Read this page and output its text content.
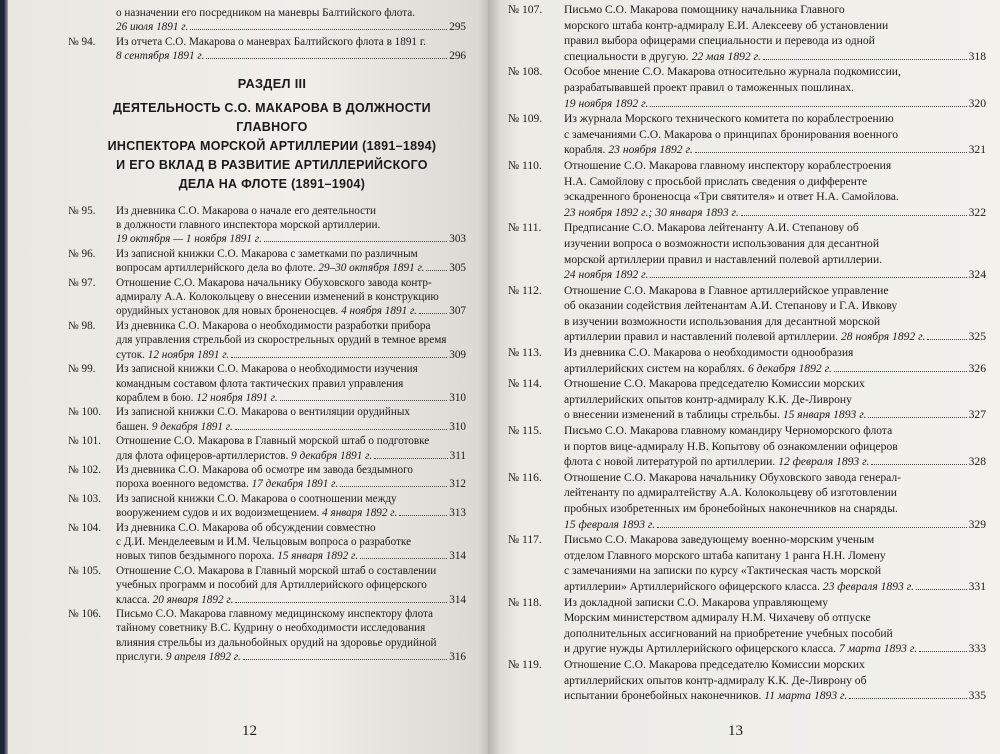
о назначении его посредником на маневры Балтийского флота.
26 июля 1891 г.	295
№ 94.	Из отчета С.О. Макарова о маневрах Балтийского флота в 1891 г.
8 сентября 1891 г.	296
РАЗДЕЛ III
ДЕЯТЕЛЬНОСТЬ С.О. МАКАРОВА В ДОЛЖНОСТИ ГЛАВНОГО
ИНСПЕКТОРА МОРСКОЙ АРТИЛЛЕРИИ (1891–1894)
И ЕГО ВКЛАД В РАЗВИТИЕ АРТИЛЛЕРИЙСКОГО
ДЕЛА НА ФЛОТЕ (1891–1904)
№ 95.	Из дневника С.О. Макарова о начале его деятельности
в должности главного инспектора морской артиллерии.
19 октября — 1 ноября 1891 г.	303
№ 96.	Из записной книжки С.О. Макарова с заметками по различным
вопросам артиллерийского дела во флоте. 29–30 октября 1891 г. 305
№ 97.	Отношение С.О. Макарова начальнику Обуховского завода контр-
адмиралу А.А. Колокольцеву о внесении изменений в конструкцию
орудийных установок для новых броненосцев. 4 ноября 1891 г.	307
№ 98.	Из дневника С.О. Макарова о необходимости разработки прибора
для управления стрельбой из скорострельных орудий в темное время
суток. 12 ноября 1891 г.	309
№ 99.	Из записной книжки С.О. Макарова о необходимости изучения
командным составом флота тактических правил управления
кораблем в бою. 12 ноября 1891 г.	310
№ 100.	Из записной книжки С.О. Макарова о вентиляции орудийных
башен. 9 декабря 1891 г.	310
№ 101.	Отношение С.О. Макарова в Главный морской штаб о подготовке
для флота офицеров-артиллеристов. 9 декабря 1891 г.	311
№ 102.	Из дневника С.О. Макарова об осмотре им завода бездымного
пороха военного ведомства. 17 декабря 1891 г.	312
№ 103.	Из записной книжки С.О. Макарова о соотношении между
вооружением судов и их водоизмещением. 4 января 1892 г.	313
№ 104.	Из дневника С.О. Макарова об обсуждении совместно
с Д.И. Менделеевым и И.М. Чельцовым вопроса о разработке
новых типов бездымного пороха. 15 января 1892 г.	314
№ 105.	Отношение С.О. Макарова в Главный морской штаб о составлении
учебных программ и пособий для Артиллерийского офицерского
класса. 20 января 1892 г.	314
№ 106.	Письмо С.О. Макарова главному медицинскому инспектору флота
тайному советнику В.С. Кудрину о необходимости исследования
влияния стрельбы из дальнобойных орудий на здоровье орудийной
прислуги. 9 апреля 1892 г.	316
12
№ 107.	Письмо С.О. Макарова помощнику начальника Главного
морского штаба контр-адмиралу Е.И. Алексееву об установлении
правил выбора офицерами специальности и перевода из одной
специальности в другую. 22 мая 1892 г.	318
№ 108.	Особое мнение С.О. Макарова относительно журнала подкомиссии,
разрабатывавшей проект правил о таможенных пошлинах.
19 ноября 1892 г.	320
№ 109.	Из журнала Морского технического комитета по кораблестроению
с замечаниями С.О. Макарова о принципах бронирования военного
корабля. 23 ноября 1892 г.	321
№ 110.	Отношение С.О. Макарова главному инспектору кораблестроения
Н.А. Самойлову с просьбой прислать сведения о дифференте
эскадренного броненосца «Три святителя» и ответ Н.А. Самойлова.
23 ноября 1892 г.; 30 января 1893 г.	322
№ 111.	Предписание С.О. Макарова лейтенанту А.И. Степанову об
изучении вопроса о возможности использования для десантной
морской артиллерии правил и наставлений полевой артиллерии.
24 ноября 1892 г.	324
№ 112.	Отношение С.О. Макарова в Главное артиллерийское управление
об оказании содействия лейтенантам А.И. Степанову и Г.А. Ивкову
в изучении возможности использования для десантной морской
артиллерии правил и наставлений полевой артиллерии. 28 ноября 1892 г.	325
№ 113.	Из дневника С.О. Макарова о необходимости однообразия
артиллерийских систем на кораблях. 6 декабря 1892 г.	326
№ 114.	Отношение С.О. Макарова председателю Комиссии морских
артиллерийских опытов контр-адмиралу К.К. Де-Ливрону
о внесении изменений в таблицы стрельбы. 15 января 1893 г.	327
№ 115.	Письмо С.О. Макарова главному командиру Черноморского флота
и портов вице-адмиралу Н.В. Копытову об ознакомлении офицеров
флота с новой литературой по артиллерии. 12 февраля 1893 г.	328
№ 116.	Отношение С.О. Макарова начальнику Обуховского завода генерал-
лейтенанту по адмиралтейству А.А. Колокольцеву об изготовлении
пробных изобретенных им бронебойных наконечников на снаряды.
15 февраля 1893 г.	329
№ 117.	Письмо С.О. Макарова заведующему военно-морским ученым
отделом Главного морского штаба капитану 1 ранга Н.Н. Ломену
с замечаниями на записки по курсу «Тактическая часть морской
артиллерии» Артиллерийского офицерского класса. 23 февраля 1893 г.	331
№ 118.	Из докладной записки С.О. Макарова управляющему
Морским министерством адмиралу Н.М. Чихачеву об отпуске
дополнительных ассигнований на приобретение учебных пособий
и другие нужды Артиллерийского офицерского класса. 7 марта 1893 г.	333
№ 119.	Отношение С.О. Макарова председателю Комиссии морских
артиллерийских опытов контр-адмиралу К.К. Де-Ливрону об
испытании бронебойных наконечников. 11 марта 1893 г.	335
13
